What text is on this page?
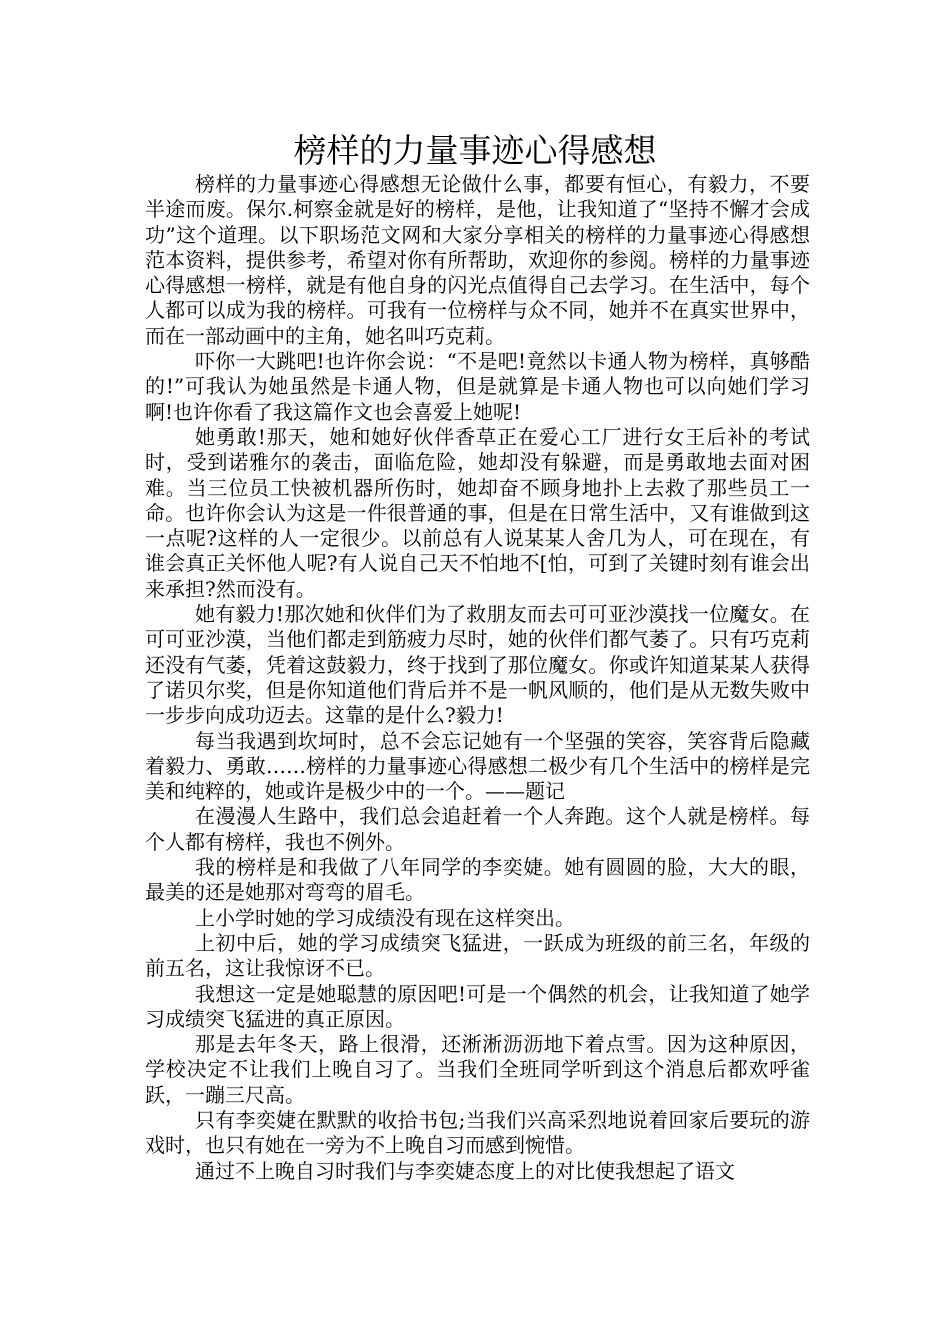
榜样的力量事迹心得感想

榜样的力量事迹心得感想无论做什么事，都要有恒心，有毅力，不要半途而废。保尔.柯察金就是好的榜样，是他，让我知道了“坚持不懈才会成功”这个道理。以下职场范文网和大家分享相关的榜样的力量事迹心得感想范本资料，提供参考，希望对你有所帮助，欢迎你的参阅。榜样的力量事迹心得感想一榜样，就是有他自身的闪光点值得自己去学习。在生活中，每个人都可以成为我的榜样。可我有一位榜样与众不同，她并不在真实世界中，而在一部动画中的主角，她名叫巧克莉。

吓你一大跳吧!也许你会说：“不是吧!竟然以卡通人物为榜样，真够酷的!”可我认为她虽然是卡通人物，但是就算是卡通人物也可以向她们学习啊!也许你看了我这篇作文也会喜爱上她呢!

她勇敢!那天，她和她好伙伴香草正在爱心工厂进行女王后补的考试时，受到诺雅尔的袭击，面临危险，她却没有躲避，而是勇敢地去面对困难。当三位员工快被机器所伤时，她却奋不顾身地扑上去救了那些员工一命。也许你会认为这是一件很普通的事，但是在日常生活中，又有谁做到这一点呢?这样的人一定很少。以前总有人说某某人舍几为人，可在现在，有谁会真正关怀他人呢?有人说自己天不怕地不[怕，可到了关键时刻有谁会出来承担?然而没有。

她有毅力!那次她和伙伴们为了救朋友而去可可亚沙漠找一位魔女。在可可亚沙漠，当他们都走到筋疲力尽时，她的伙伴们都气萎了。只有巧克莉还没有气萎，凭着这鼓毅力，终于找到了那位魔女。你或许知道某某人获得了诺贝尔奖，但是你知道他们背后并不是一帆风顺的，他们是从无数失败中一步步向成功迈去。这靠的是什么?毅力!

每当我遇到坎坷时，总不会忘记她有一个坚强的笑容，笑容背后隐藏着毅力、勇敢……榜样的力量事迹心得感想二极少有几个生活中的榜样是完美和纯粹的，她或许是极少中的一个。——题记

在漫漫人生路中，我们总会追赶着一个人奔跑。这个人就是榜样。每个人都有榜样，我也不例外。

我的榜样是和我做了八年同学的李奕婕。她有圆圆的脸，大大的眼，最美的还是她那对弯弯的眉毛。

上小学时她的学习成绩没有现在这样突出。

上初中后，她的学习成绩突飞猛进，一跃成为班级的前三名，年级的前五名，这让我惊讶不已。

我想这一定是她聪慧的原因吧!可是一个偶然的机会，让我知道了她学习成绩突飞猛进的真正原因。

那是去年冬天，路上很滑，还淅淅沥沥地下着点雪。因为这种原因，学校决定不让我们上晚自习了。当我们全班同学听到这个消息后都欢呼雀跃，一蹦三尺高。

只有李奕婕在默默的收拾书包;当我们兴高采烈地说着回家后要玩的游戏时，也只有她在一旁为不上晚自习而感到惋惜。

通过不上晚自习时我们与李奕婕态度上的对比使我想起了语文
